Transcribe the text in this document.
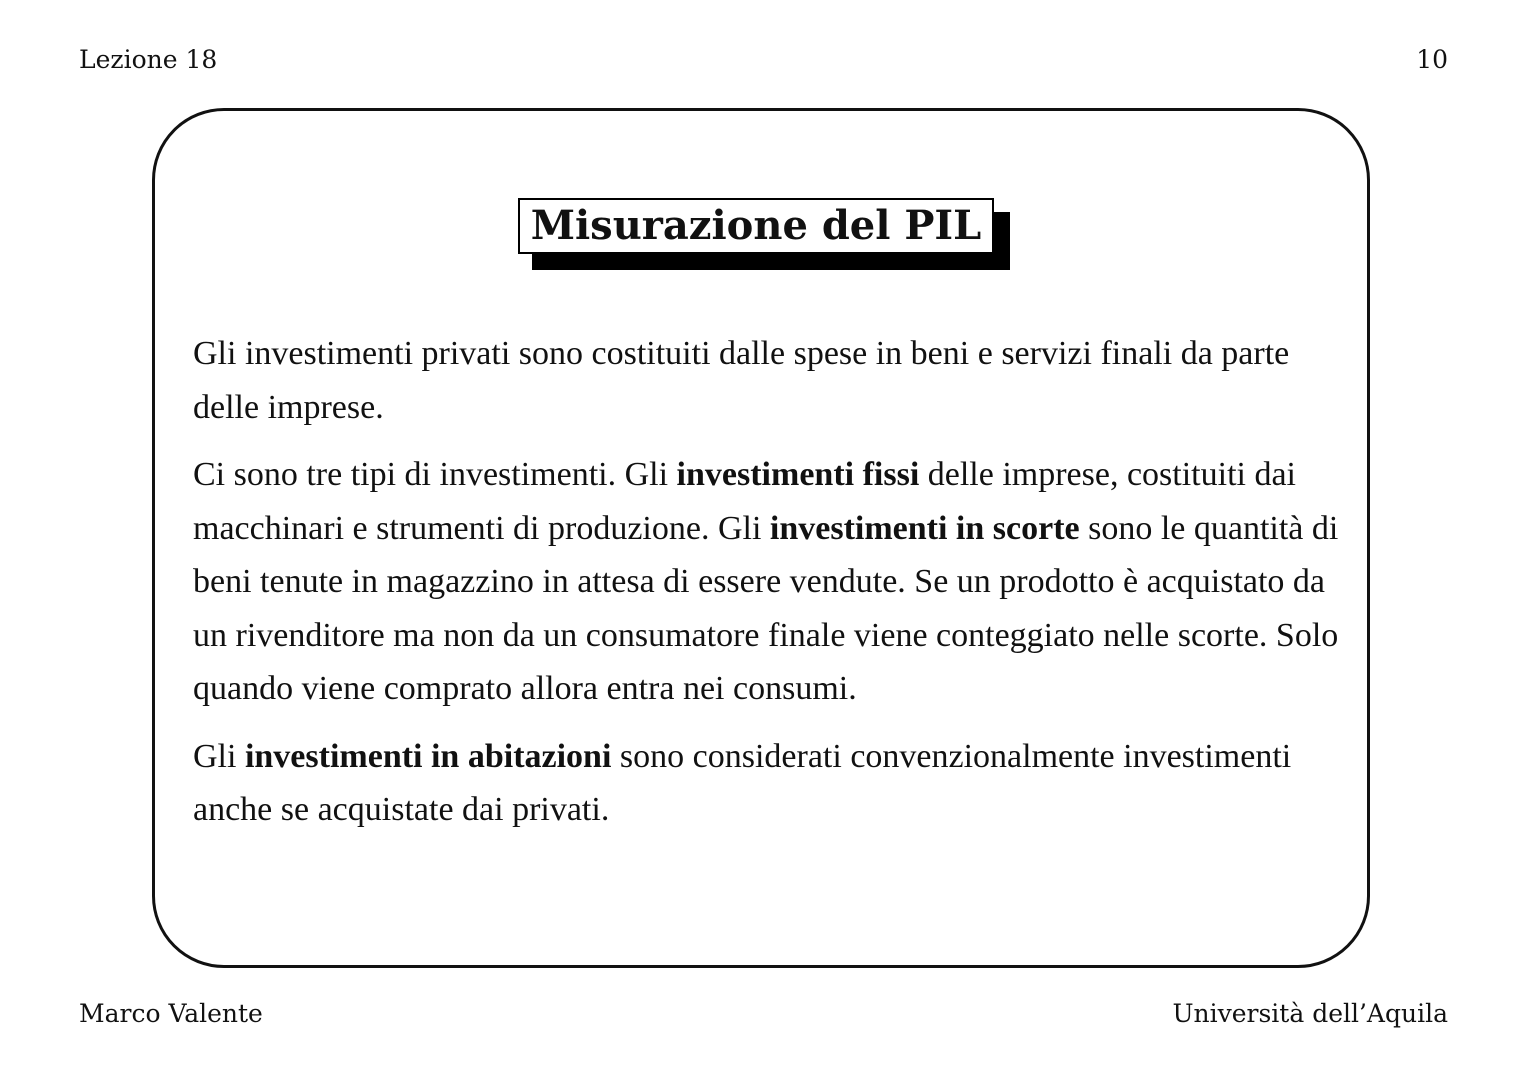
Lezione 18	10
Misurazione del PIL

Gli investimenti privati sono costituiti dalle spese in beni e servizi finali da parte delle imprese.

Ci sono tre tipi di investimenti. Gli investimenti fissi delle imprese, costituiti dai macchinari e strumenti di produzione. Gli investimenti in scorte sono le quantità di beni tenute in magazzino in attesa di essere vendute. Se un prodotto è acquistato da un rivenditore ma non da un consumatore finale viene conteggiato nelle scorte. Solo quando viene comprato allora entra nei consumi.

Gli investimenti in abitazioni sono considerati convenzionalmente investimenti anche se acquistate dai privati.

Marco Valente	Università dell’Aquila
